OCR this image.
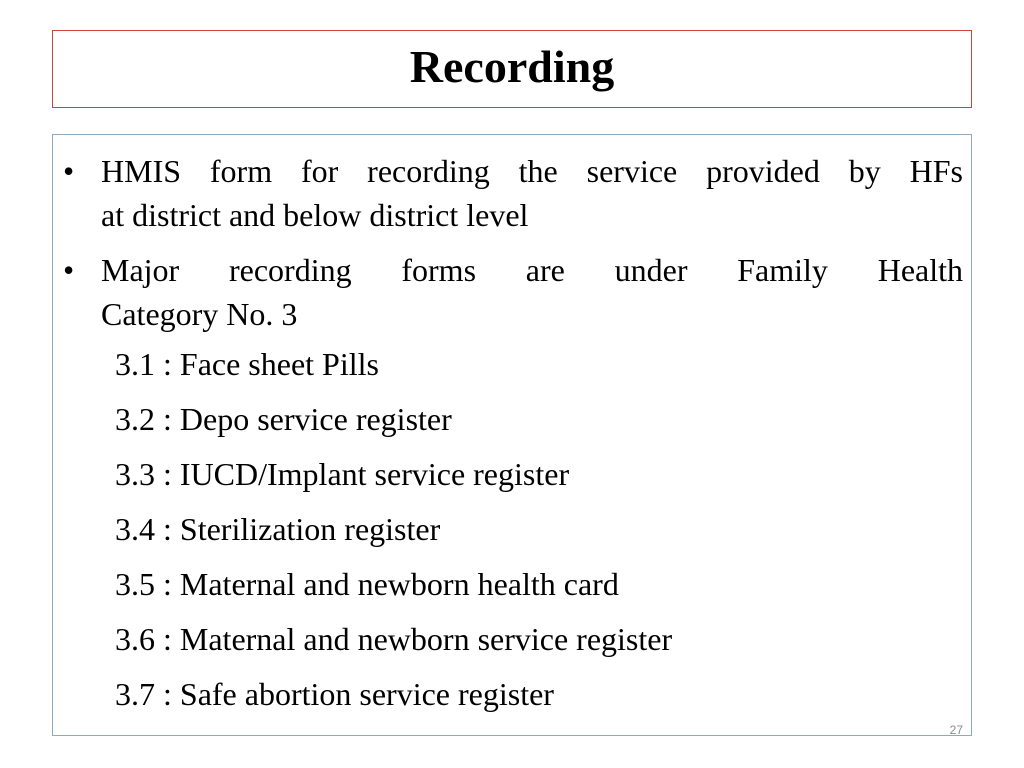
Recording
• HMIS form for recording the service provided by HFs
at district and below district level
• Major recording forms are under Family Health
Category No. 3
3.1 : Face sheet Pills
3.2 : Depo service register
3.3 : IUCD/Implant service register
3.4 : Sterilization register
3.5 : Maternal and newborn health card
3.6 : Maternal and newborn service register
3.7 : Safe abortion service register
27
